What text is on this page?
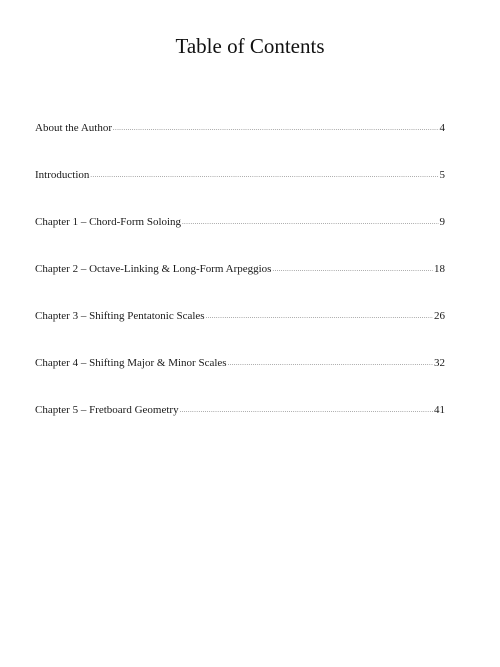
Table of Contents
About the Author .....	4
Introduction .....	5
Chapter 1 – Chord-Form Soloing .....	9
Chapter 2 – Octave-Linking & Long-Form Arpeggios .....	18
Chapter 3 – Shifting Pentatonic Scales .....	26
Chapter 4 – Shifting Major & Minor Scales .....	32
Chapter 5 – Fretboard Geometry .....	41
